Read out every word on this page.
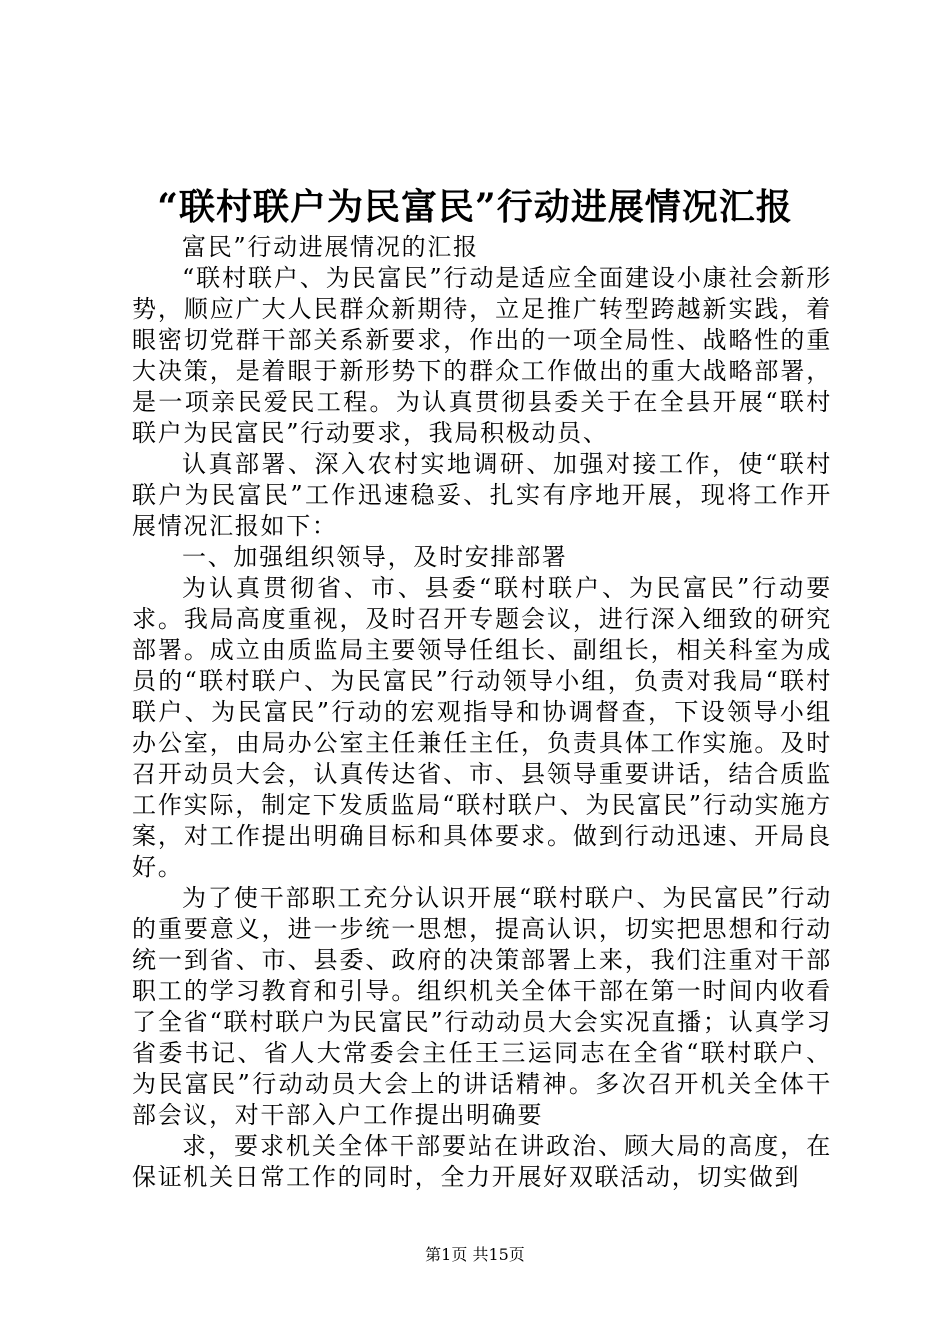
“联村联户为民富民”行动进展情况汇报

富民”行动进展情况的汇报

“联村联户、为民富民”行动是适应全面建设小康社会新形势，顺应广大人民群众新期待，立足推广转型跨越新实践，着眼密切党群干部关系新要求，作出的一项全局性、战略性的重大决策，是着眼于新形势下的群众工作做出的重大战略部署，是一项亲民爱民工程。为认真贯彻县委关于在全县开展“联村联户为民富民”行动要求，我局积极动员、

认真部署、深入农村实地调研、加强对接工作，使“联村联户为民富民”工作迅速稳妥、扎实有序地开展，现将工作开展情况汇报如下：

一、加强组织领导，及时安排部署

为认真贯彻省、市、县委“联村联户、为民富民”行动要求。我局高度重视，及时召开专题会议，进行深入细致的研究部署。成立由质监局主要领导任组长、副组长，相关科室为成员的“联村联户、为民富民”行动领导小组，负责对我局“联村联户、为民富民”行动的宏观指导和协调督查，下设领导小组办公室，由局办公室主任兼任主任，负责具体工作实施。及时召开动员大会，认真传达省、市、县领导重要讲话，结合质监工作实际，制定下发质监局“联村联户、为民富民”行动实施方案，对工作提出明确目标和具体要求。做到行动迅速、开局良好。

为了使干部职工充分认识开展“联村联户、为民富民”行动的重要意义，进一步统一思想，提高认识，切实把思想和行动统一到省、市、县委、政府的决策部署上来，我们注重对干部职工的学习教育和引导。组织机关全体干部在第一时间内收看了全省“联村联户为民富民”行动动员大会实况直播；认真学习省委书记、省人大常委会主任王三运同志在全省“联村联户、为民富民”行动动员大会上的讲话精神。多次召开机关全体干部会议，对干部入户工作提出明确要

求，要求机关全体干部要站在讲政治、顾大局的高度，在保证机关日常工作的同时，全力开展好双联活动，切实做到

第1页 共15页
